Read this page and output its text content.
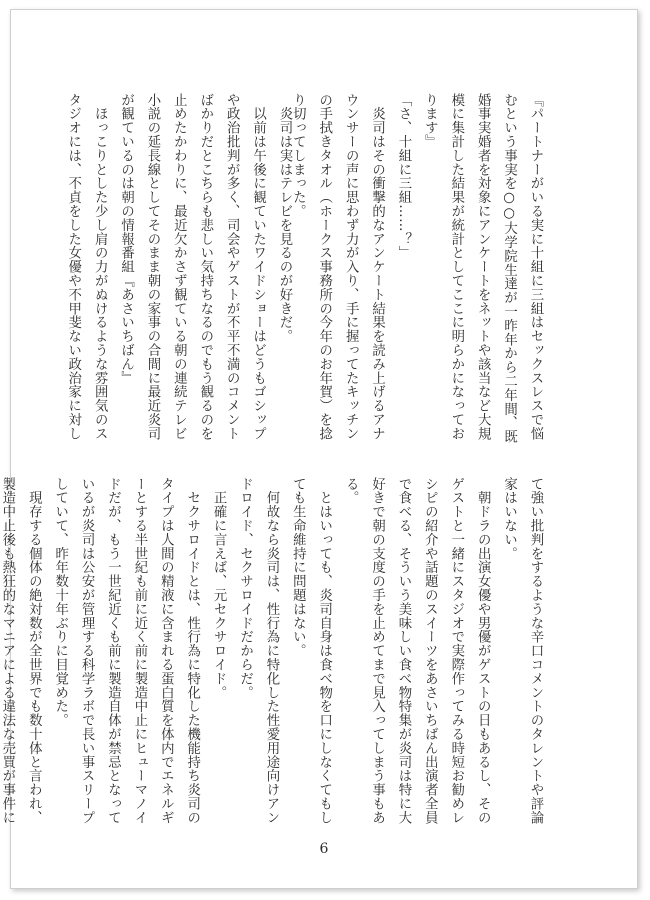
『パートナーがいる実に十組に三組はセックスレスで悩

むという事実を○○大学院生達が一昨年から二年間、既

婚事実婚者を対象にアンケートをネットや該当など大規

模に集計した結果が統計としてここに明らかになってお

ります』

「さ、十組に三組……？」

　炎司はその衝撃的なアンケート結果を読み上げるアナ

ウンサーの声に思わず力が入り、手に握ってたキッチン

の手拭きタオル（ホークス事務所の今年のお年賀）を捻

り切ってしまった。

　炎司は実はテレビを見るのが好きだ。

　以前は午後に観ていたワイドショーはどうもゴシップ

や政治批判が多く、司会やゲストが不平不満のコメント

ばかりだとこちらも悲しい気持ちなるのでもう観るのを

止めたかわりに、最近欠かさず観ている朝の連続テレビ

小説の延長線としてそのまま朝の家事の合間に最近炎司

が観ているのは朝の情報番組『あさいちばん』

　ほっこりとした少し肩の力がぬけるような雰囲気のス

タジオには、不貞をした女優や不甲斐ない政治家に対し

て強い批判をするような辛口コメントのタレントや評論

家はいない。

　朝ドラの出演女優や男優がゲストの日もあるし、その

ゲストと一緒にスタジオで実際作ってみる時短お勧めレ

シピの紹介や話題のスイーツをあさいちばん出演者全員

で食べる、そういう美味しい食べ物特集が炎司は特に大

好きで朝の支度の手を止めてまで見入ってしまう事もあ

る。

　とはいっても、炎司自身は食べ物を口にしなくてもし

ても生命維持に問題はない。

　何故なら炎司は、性行為に特化した性愛用途向けアン

ドロイド、セクサロイドだからだ。

　正確に言えば、元セクサロイド。

　セクサロイドとは、性行為に特化した機能持ち炎司の

タイプは人間の精液に含まれる蛋白質を体内でエネルギ

ーとする半世紀も前に近く前に製造中止にヒューマノイ

ドだが、もう一世紀近くも前に製造自体が禁忌となって

いるが炎司は公安が管理する科学ラボで長い事スリープ

していて、昨年数十年ぶりに目覚めた。

　現存する個体の絶対数が全世界でも数十体と言われ、

製造中止後も熱狂的なマニアによる違法な売買が事件に

6
